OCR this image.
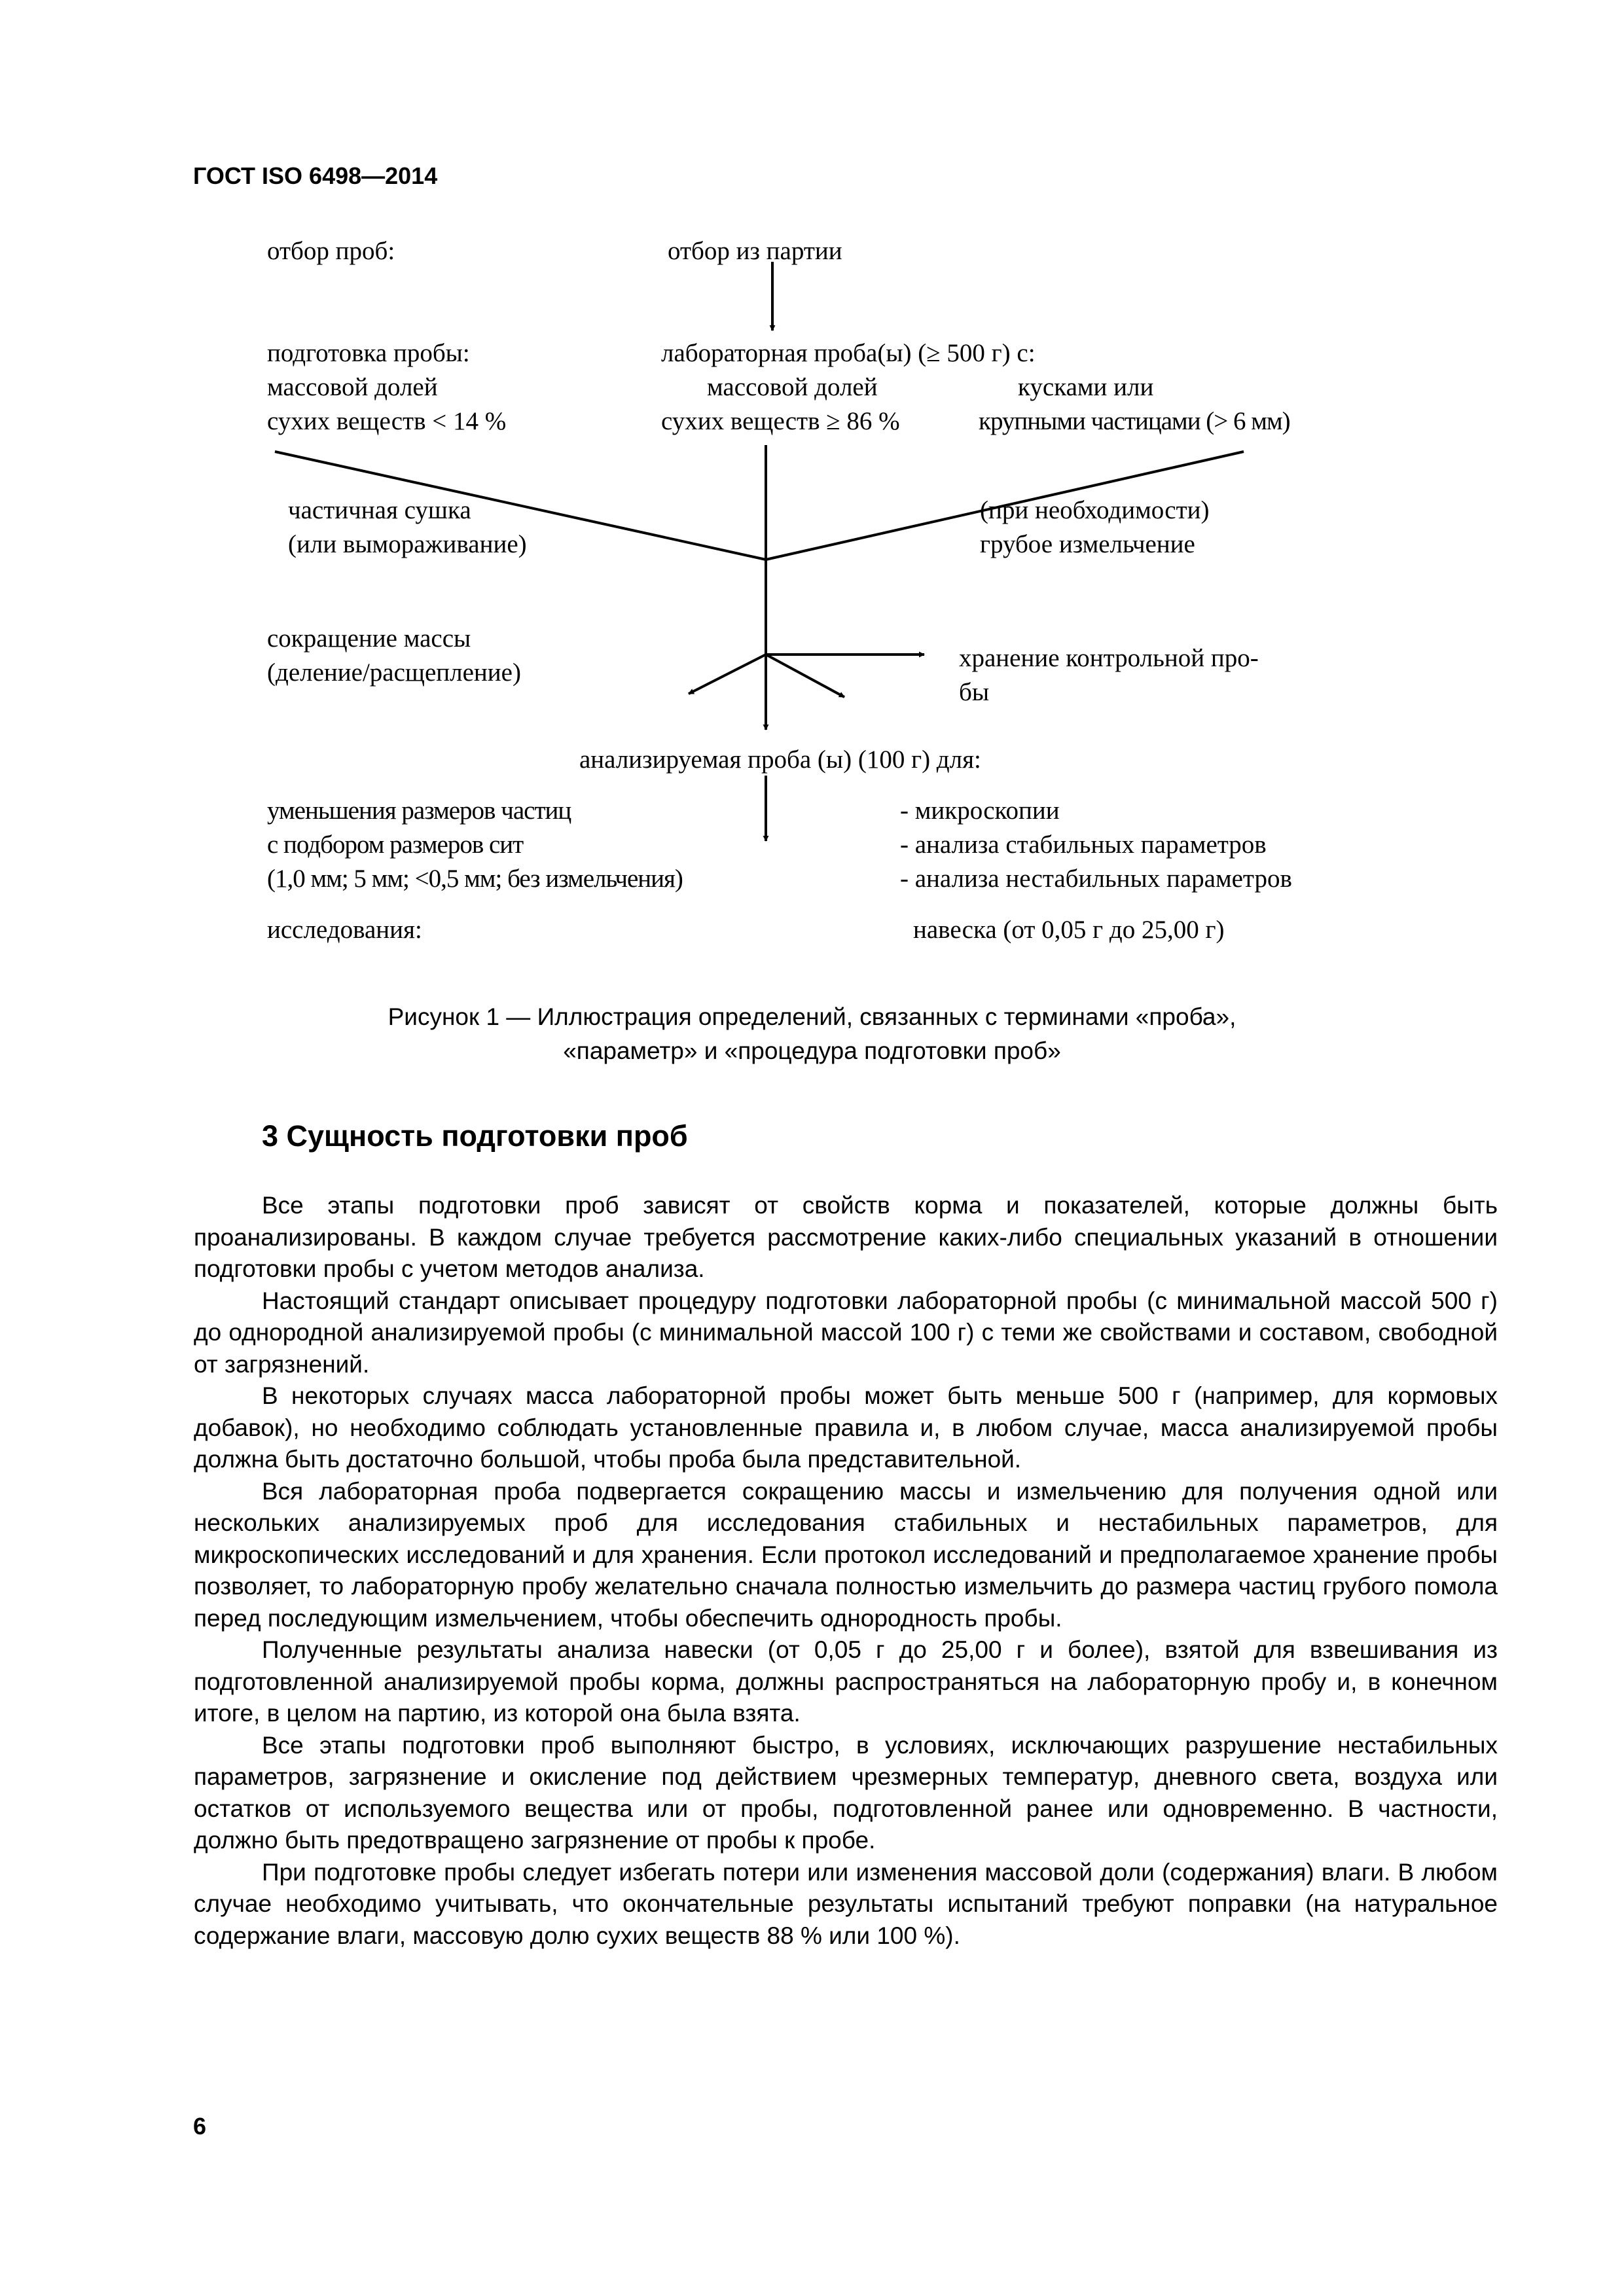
ГОСТ ISO 6498—2014
отбор проб:	отбор из партии
подготовка пробы:
массовой долей
сухих веществ < 14 %
лабораторная проба(ы) (≥ 500 г) с:
массовой долей
сухих веществ ≥ 86 %
кусками или
крупными частицами (> 6 мм)
частичная сушка
(или вымораживание)
(при необходимости)
грубое измельчение
сокращение массы
(деление/расщепление)
хранение контрольной про-
бы
анализируемая проба (ы) (100 г) для:
уменьшения размеров частиц
с подбором размеров сит
(1,0 мм; 5 мм; <0,5 мм; без измельчения)
исследования:
- микроскопии
- анализа стабильных параметров
- анализа нестабильных параметров
навеска (от 0,05 г до 25,00 г)
Рисунок 1 — Иллюстрация определений, связанных с терминами «проба»,
«параметр» и «процедура подготовки проб»
3 Сущность подготовки проб

Все этапы подготовки проб зависят от свойств корма и показателей, которые должны быть проанализированы. В каждом случае требуется рассмотрение каких-либо специальных указаний в отношении подготовки пробы с учетом методов анализа.

Настоящий стандарт описывает процедуру подготовки лабораторной пробы (с минимальной массой 500 г) до однородной анализируемой пробы (с минимальной массой 100 г) с теми же свойствами и составом, свободной от загрязнений.

В некоторых случаях масса лабораторной пробы может быть меньше 500 г (например, для кормовых добавок), но необходимо соблюдать установленные правила и, в любом случае, масса анализируемой пробы должна быть достаточно большой, чтобы проба была представительной.

Вся лабораторная проба подвергается сокращению массы и измельчению для получения одной или нескольких анализируемых проб для исследования стабильных и нестабильных параметров, для микроскопических исследований и для хранения. Если протокол исследований и предполагаемое хранение пробы позволяет, то лабораторную пробу желательно сначала полностью измельчить до размера частиц грубого помола перед последующим измельчением, чтобы обеспечить однородность пробы.

Полученные результаты анализа навески (от 0,05 г до 25,00 г и более), взятой для взвешивания из подготовленной анализируемой пробы корма, должны распространяться на лабораторную пробу и, в конечном итоге, в целом на партию, из которой она была взята.

Все этапы подготовки проб выполняют быстро, в условиях, исключающих разрушение нестабильных параметров, загрязнение и окисление под действием чрезмерных температур, дневного света, воздуха или остатков от используемого вещества или от пробы, подготовленной ранее или одновременно. В частности, должно быть предотвращено загрязнение от пробы к пробе.

При подготовке пробы следует избегать потери или изменения массовой доли (содержания) влаги. В любом случае необходимо учитывать, что окончательные результаты испытаний требуют поправки (на натуральное содержание влаги, массовую долю сухих веществ 88 % или 100 %).

6
